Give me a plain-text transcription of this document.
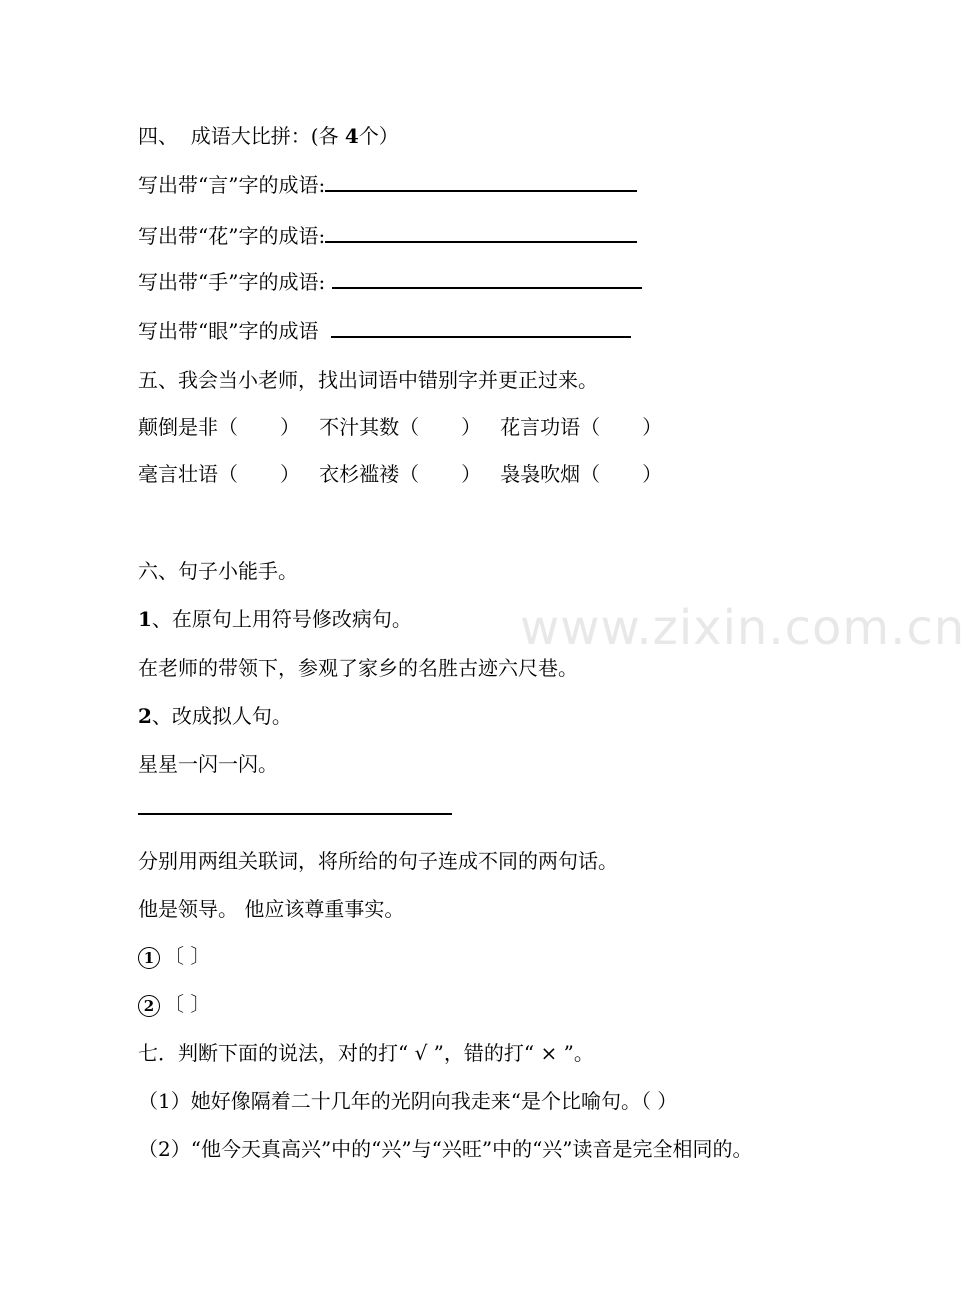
www.zixin.com.cn
四、 成语大比拼：(各 4个）
写出带“言”字的成语:
写出带“花”字的成语:
写出带“手”字的成语:
写出带“眼”字的成语
五、我会当小老师，找出词语中错别字并更正过来。
颠倒是非（ ） 不汁其数（ ） 花言功语（ ）
毫言壮语（ ） 衣杉褴褛（ ） 袅袅吹烟（ ）
六、句子小能手。
1、在原句上用符号修改病句。
在老师的带领下，参观了家乡的名胜古迹六尺巷。
2、改成拟人句。
星星一闪一闪。
分别用两组关联词，将所给的句子连成不同的两句话。
他是领导。 他应该尊重事实。
1 〔 〕
2 〔 〕
七．判断下面的说法，对的打“ √ ”，错的打“ × ”。
（1）她好像隔着二十几年的光阴向我走来“是个比喻句。（ ）
（2）“他今天真高兴”中的“兴”与“兴旺”中的“兴”读音是完全相同的。
